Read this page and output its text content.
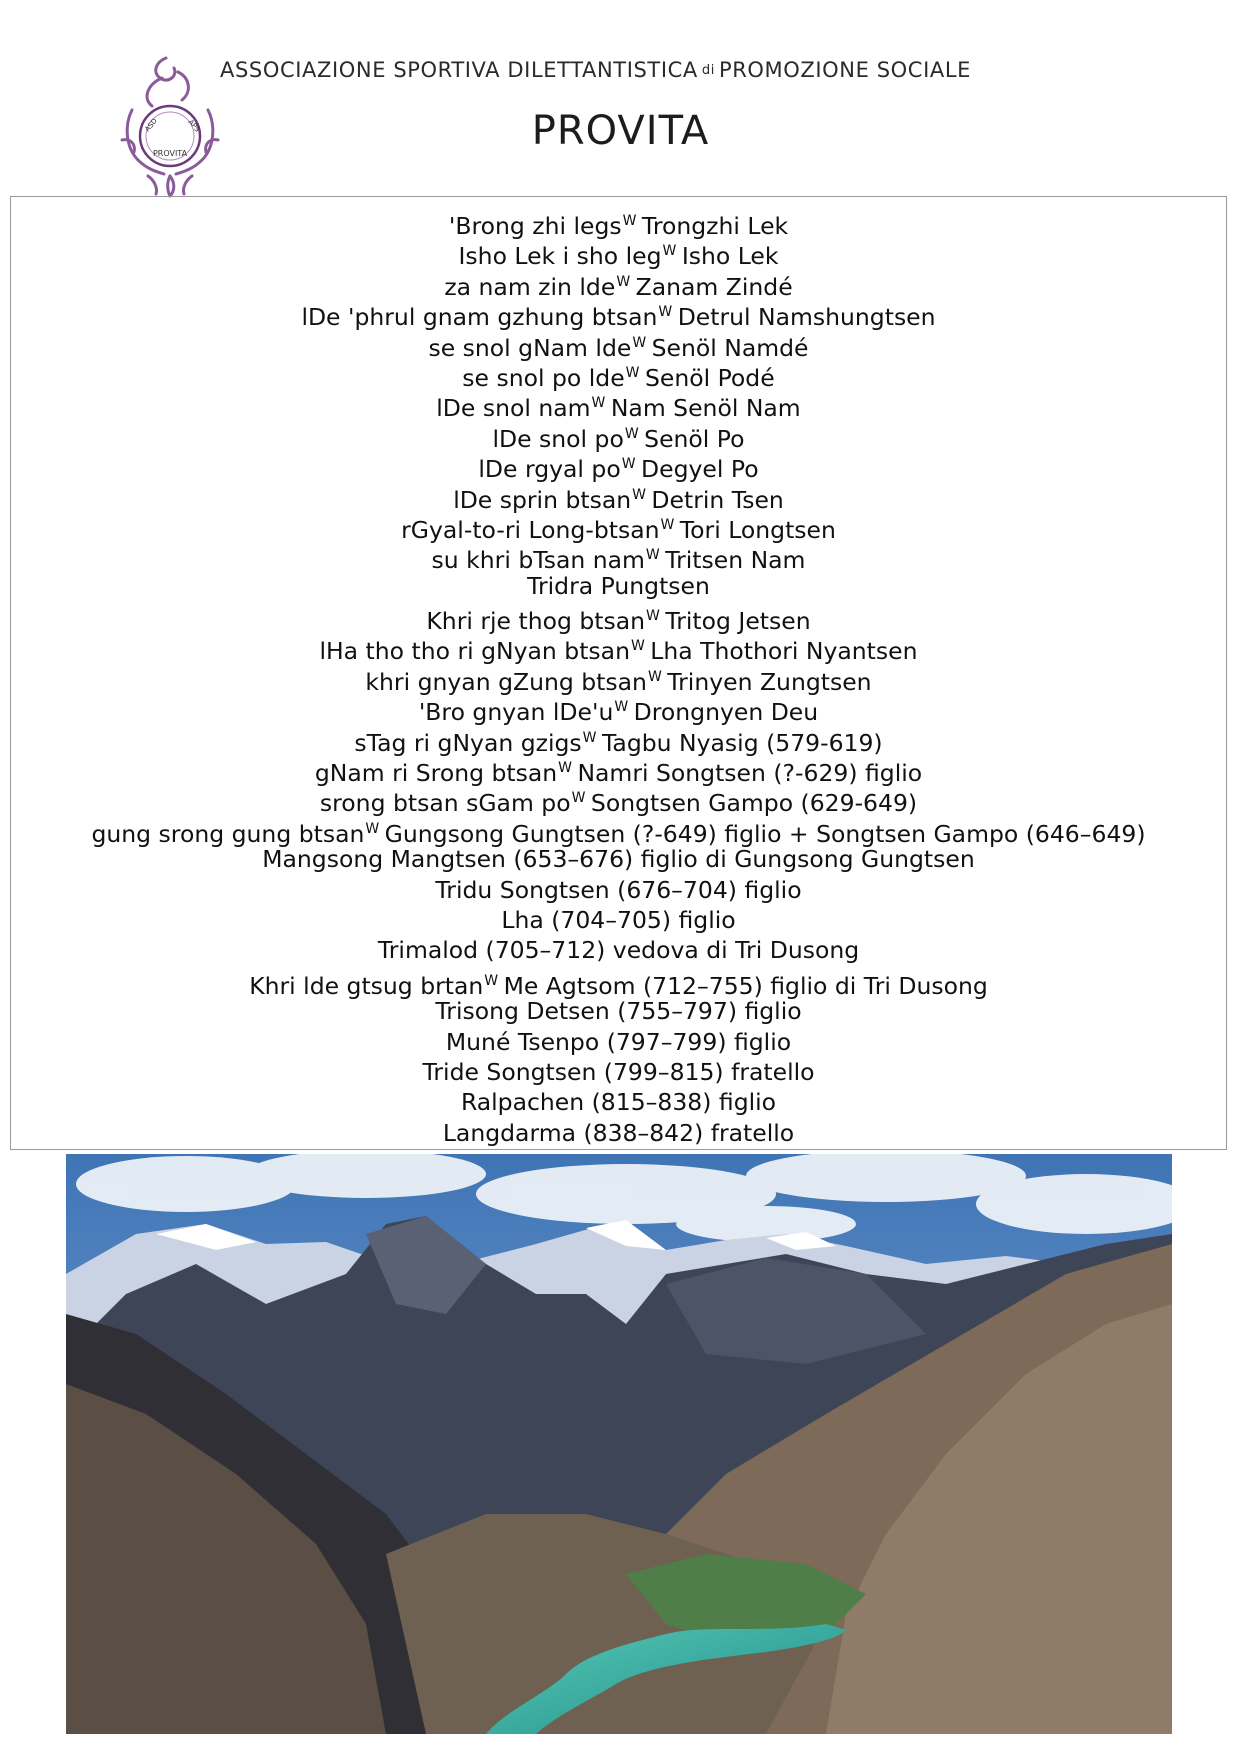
ASD	APS
PROVITA
ASSOCIAZIONE SPORTIVA DILETTANTISTICA di PROMOZIONE SOCIALE
PROVITA
'Brong zhi legs$^W$ Trongzhi Lek
Isho Lek i sho leg$^W$ Isho Lek
za nam zin lde$^W$ Zanam Zindé
lDe 'phrul gnam gzhung btsan$^W$ Detrul Namshungtsen
se snol gNam lde$^W$ Senöl Namdé
se snol po lde$^W$ Senöl Podé
lDe snol nam$^W$ Nam Senöl Nam
lDe snol $po^W$ Senöl Po
lDe rgyal $po^W$ Degyel Po
lDe sprin btsan$^W$ Detrin Tsen
rGyal-to-ri Long-btsan$^W$ Tori Longtsen
su khri bTsan nam$^W$ Tritsen Nam
Tridra Pungtsen
Khri rje thog btsan$^W$ Tritog Jetsen
lHa tho tho ri gNyan btsan$^W$ Lha Thothori Nyantsen
khri gnyan gZung btsan$^W$ Trinyen Zungtsen
'Bro gnyan $lDe'u^W$ Drongnyen Deu
sTag ri gNyan gzigs$^W$ Tagbu Nyasig (579-619)
gNam ri Srong btsan$^W$ Namri Songtsen (?-629) figlio
srong btsan sGam $po^W$ Songtsen Gampo (629-649)
gung srong gung btsan$^W$ Gungsong Gungtsen (?-649) figlio + Songtsen Gampo (646–649)
Mangsong Mangtsen (653–676) figlio di Gungsong Gungtsen
Tridu Songtsen (676–704) figlio
Lha (704–705) figlio
Trimalod (705–712) vedova di Tri Dusong
Khri lde gtsug brtan$^W$ Me Agtsom (712–755) figlio di Tri Dusong
Trisong Detsen (755–797) figlio
Muné Tsenpo (797–799) figlio
Tride Songtsen (799–815) fratello
Ralpachen (815–838) figlio
Langdarma (838–842) fratello
